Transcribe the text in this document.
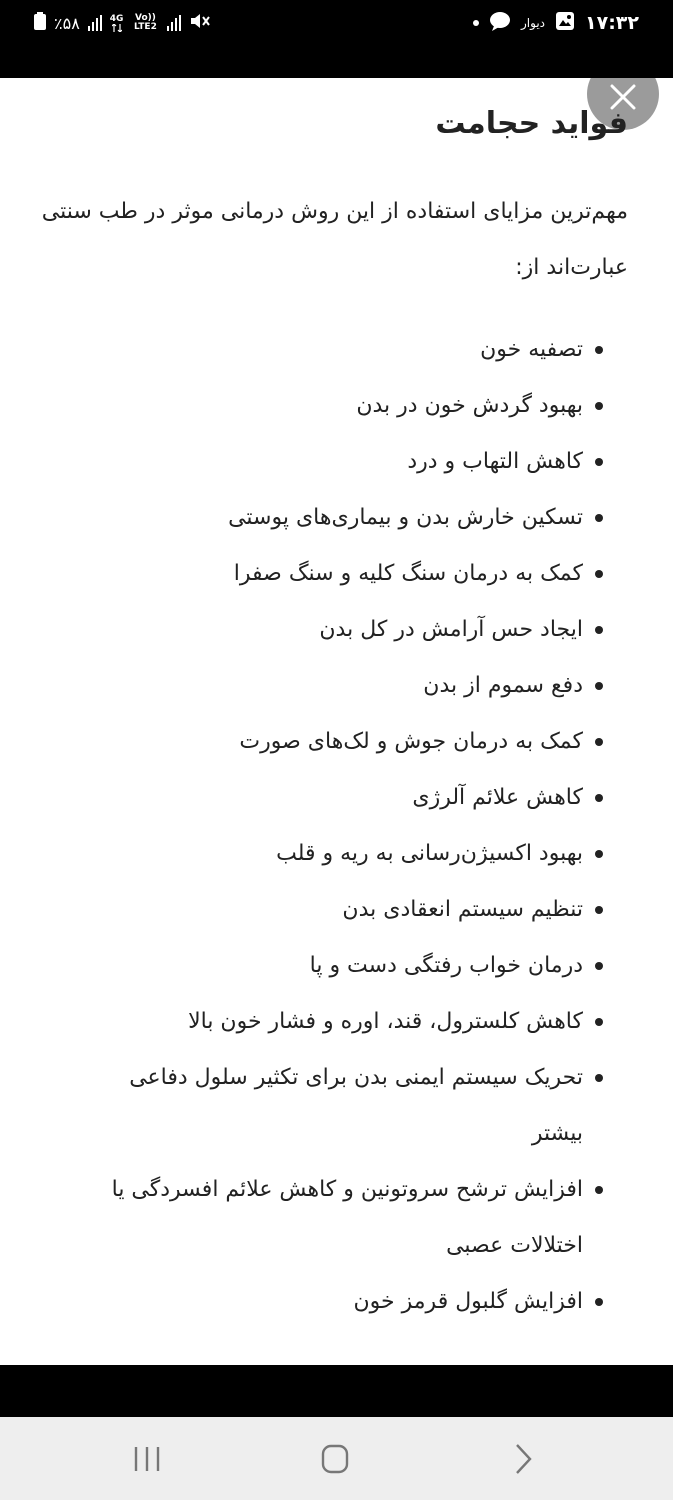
٪۵۸	4G	Vo)) LTE2	دیوار ۱۷:۳۲
فواید حجامت

مهم‌ترین مزایای استفاده از این روش درمانی موثر در طب سنتی عبارت‌اند از:

تصفیه خون
بهبود گردش خون در بدن
کاهش التهاب و درد
تسکین خارش بدن و بیماری‌های پوستی
کمک به درمان سنگ کلیه و سنگ صفرا
ایجاد حس آرامش در کل بدن
دفع سموم از بدن
کمک به درمان جوش و لک‌های صورت
کاهش علائم آلرژی
بهبود اکسیژن‌رسانی به ریه و قلب
تنظیم سیستم انعقادی بدن
درمان خواب رفتگی دست و پا
کاهش کلسترول، قند، اوره و فشار خون بالا
تحریک سیستم ایمنی بدن برای تکثیر سلول دفاعی بیشتر
افزایش ترشح سروتونین و کاهش علائم افسردگی یا اختلالات عصبی
افزایش گلبول قرمز خون
